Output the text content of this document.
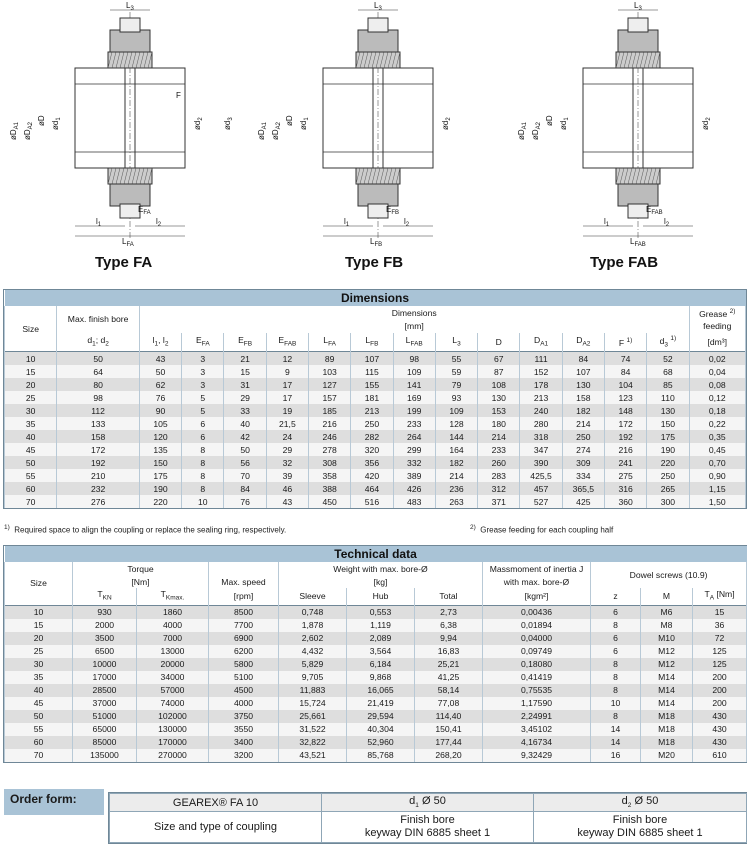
$L_3$
$L_{FA}$
$l_1$	$l_2$
$E_{FA}$
$øD_{A1}$
$øD_{A2}$ øD $ød_1$
$ød_2$
$ød_3$
F
$L_3$
$L_{FB}$
$l_1$	$l_2$
$E_{FB}$
$øD_{A1}$
$øD_{A2}$ øD $ød_1$
$ød_2$
$L_3$
$L_{FAB}$
$l_1$	$l_2$
$E_{FAB}$
$øD_{A1}$
$øD_{A2}$ øD $ød_1$
$ød_2$
Type FA	Type FB	Type FAB
Dimensions															
Size	Max. finish bore	Dimensions													Grease $^{2)}$
		[mm]													feeding
	$d_1$; $d_2$	$l_1$, $l_2$	$E_{FA}$	$E_{FB}$	$E_{FAB}$	$L_{FA}$	$L_{FB}$	$L_{FAB}$	$L_3$	D	$D_{A1}$	$D_{A2}$	F $^{1)}$	$d_3$ $^{1)}$	[dm³]
10	50	43	3	21	12	89	107	98	55	67	111	84	74	52	0,02
15	64	50	3	15	9	103	115	109	59	87	152	107	84	68	0,04
20	80	62	3	31	17	127	155	141	79	108	178	130	104	85	0,08
25	98	76	5	29	17	157	181	169	93	130	213	158	123	110	0,12
30	112	90	5	33	19	185	213	199	109	153	240	182	148	130	0,18
35	133	105	6	40	21,5	216	250	233	128	180	280	214	172	150	0,22
40	158	120	6	42	24	246	282	264	144	214	318	250	192	175	0,35
45	172	135	8	50	29	278	320	299	164	233	347	274	216	190	0,45
50	192	150	8	56	32	308	356	332	182	260	390	309	241	220	0,70
55	210	175	8	70	39	358	420	389	214	283	425,5	334	275	250	0,90
60	232	190	8	84	46	388	464	426	236	312	457	365,5	316	265	1,15
70	276	220	10	76	43	450	516	483	263	371	527	425	360	300	1,50
$^{1)}$ Required space to align the coupling or replace the sealing ring, respectively.	$^{2)}$ Grease feeding for each coupling half
Technical data										
Size	Torque		Max. speed	Weight with max. bore-Ø			Massmoment of inertia J	Dowel screws (10.9)		
	[Nm]			[kg]			with max. bore-Ø			
	$T_{KN}$	$T_{Kmax.}$	[rpm]	Sleeve	Hub	Total	[kgm²]	z	M	$T_A$ [Nm]
10	930	1860	8500	0,748	0,553	2,73	0,00436	6	M6	15
15	2000	4000	7700	1,878	1,119	6,38	0,01894	8	M8	36
20	3500	7000	6900	2,602	2,089	9,94	0,04000	6	M10	72
25	6500	13000	6200	4,432	3,564	16,83	0,09749	6	M12	125
30	10000	20000	5800	5,829	6,184	25,21	0,18080	8	M12	125
35	17000	34000	5100	9,705	9,868	41,25	0,41419	8	M14	200
40	28500	57000	4500	11,883	16,065	58,14	0,75535	8	M14	200
45	37000	74000	4000	15,724	21,419	77,08	1,17590	10	M14	200
50	51000	102000	3750	25,661	29,594	114,40	2,24991	8	M18	430
55	65000	130000	3550	31,522	40,304	150,41	3,45102	14	M18	430
60	85000	170000	3400	32,822	52,960	177,44	4,16734	14	M18	430
70	135000	270000	3200	43,521	85,768	268,20	9,32429	16	M20	610
Order form:	GEAREX® FA 10	$d_1$ Ø 50	$d_2$ Ø 50
Size and type of coupling	Finish bore
keyway DIN 6885 sheet 1	Finish bore
keyway DIN 6885 sheet 1
